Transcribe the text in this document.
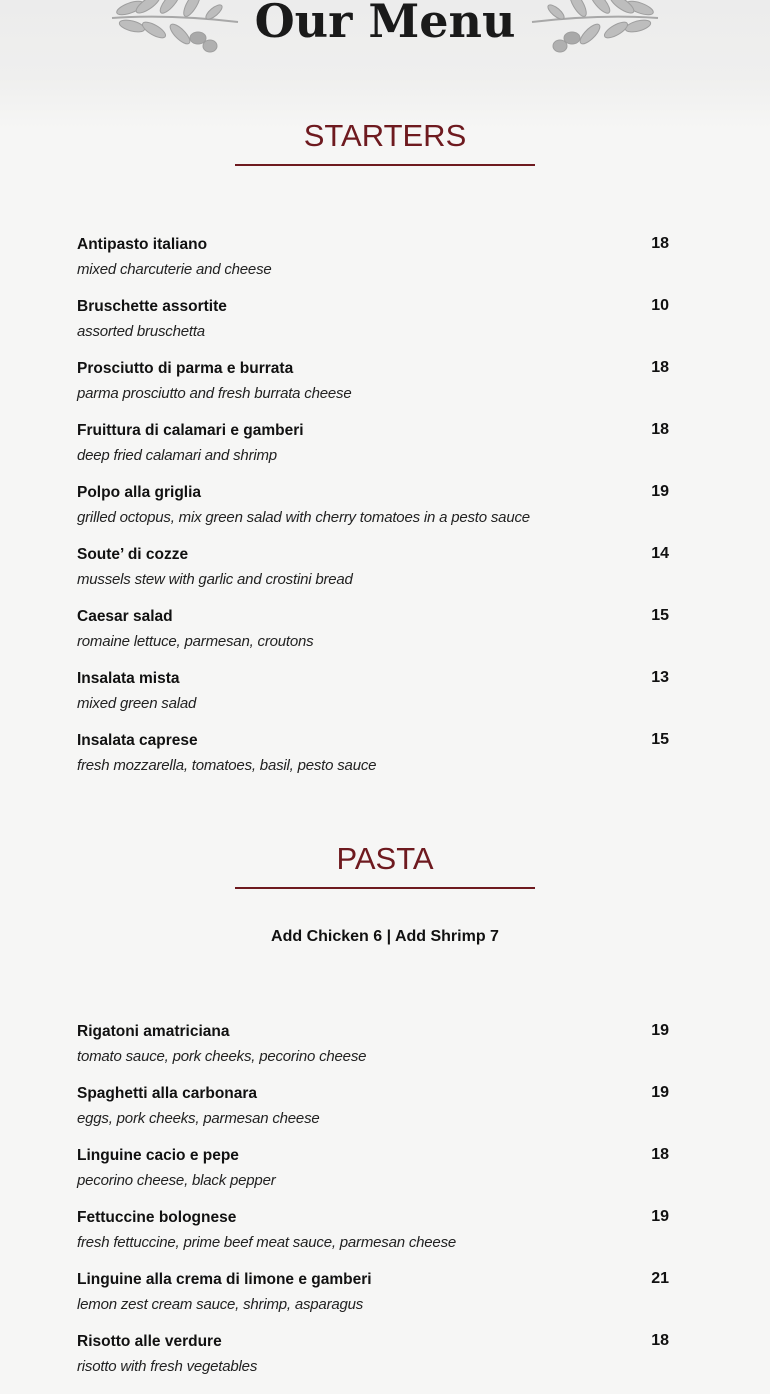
Our Menu
STARTERS
Antipasto italiano	18
mixed charcuterie and cheese
Bruschette assortite	10
assorted bruschetta
Prosciutto di parma e burrata	18
parma prosciutto and fresh burrata cheese
Fruittura di calamari e gamberi	18
deep fried calamari and shrimp
Polpo alla griglia	19
grilled octopus, mix green salad with cherry tomatoes in a pesto sauce
Soute’ di cozze	14
mussels stew with garlic and crostini bread
Caesar salad	15
romaine lettuce, parmesan, croutons
Insalata mista	13
mixed green salad
Insalata caprese	15
fresh mozzarella, tomatoes, basil, pesto sauce
PASTA
Add Chicken 6 | Add Shrimp 7
Rigatoni amatriciana	19
tomato sauce, pork cheeks, pecorino cheese
Spaghetti alla carbonara	19
eggs, pork cheeks, parmesan cheese
Linguine cacio e pepe	18
pecorino cheese, black pepper
Fettuccine bolognese	19
fresh fettuccine, prime beef meat sauce, parmesan cheese
Linguine alla crema di limone e gamberi	21
lemon zest cream sauce, shrimp, asparagus
Risotto alle verdure	18
risotto with fresh vegetables
